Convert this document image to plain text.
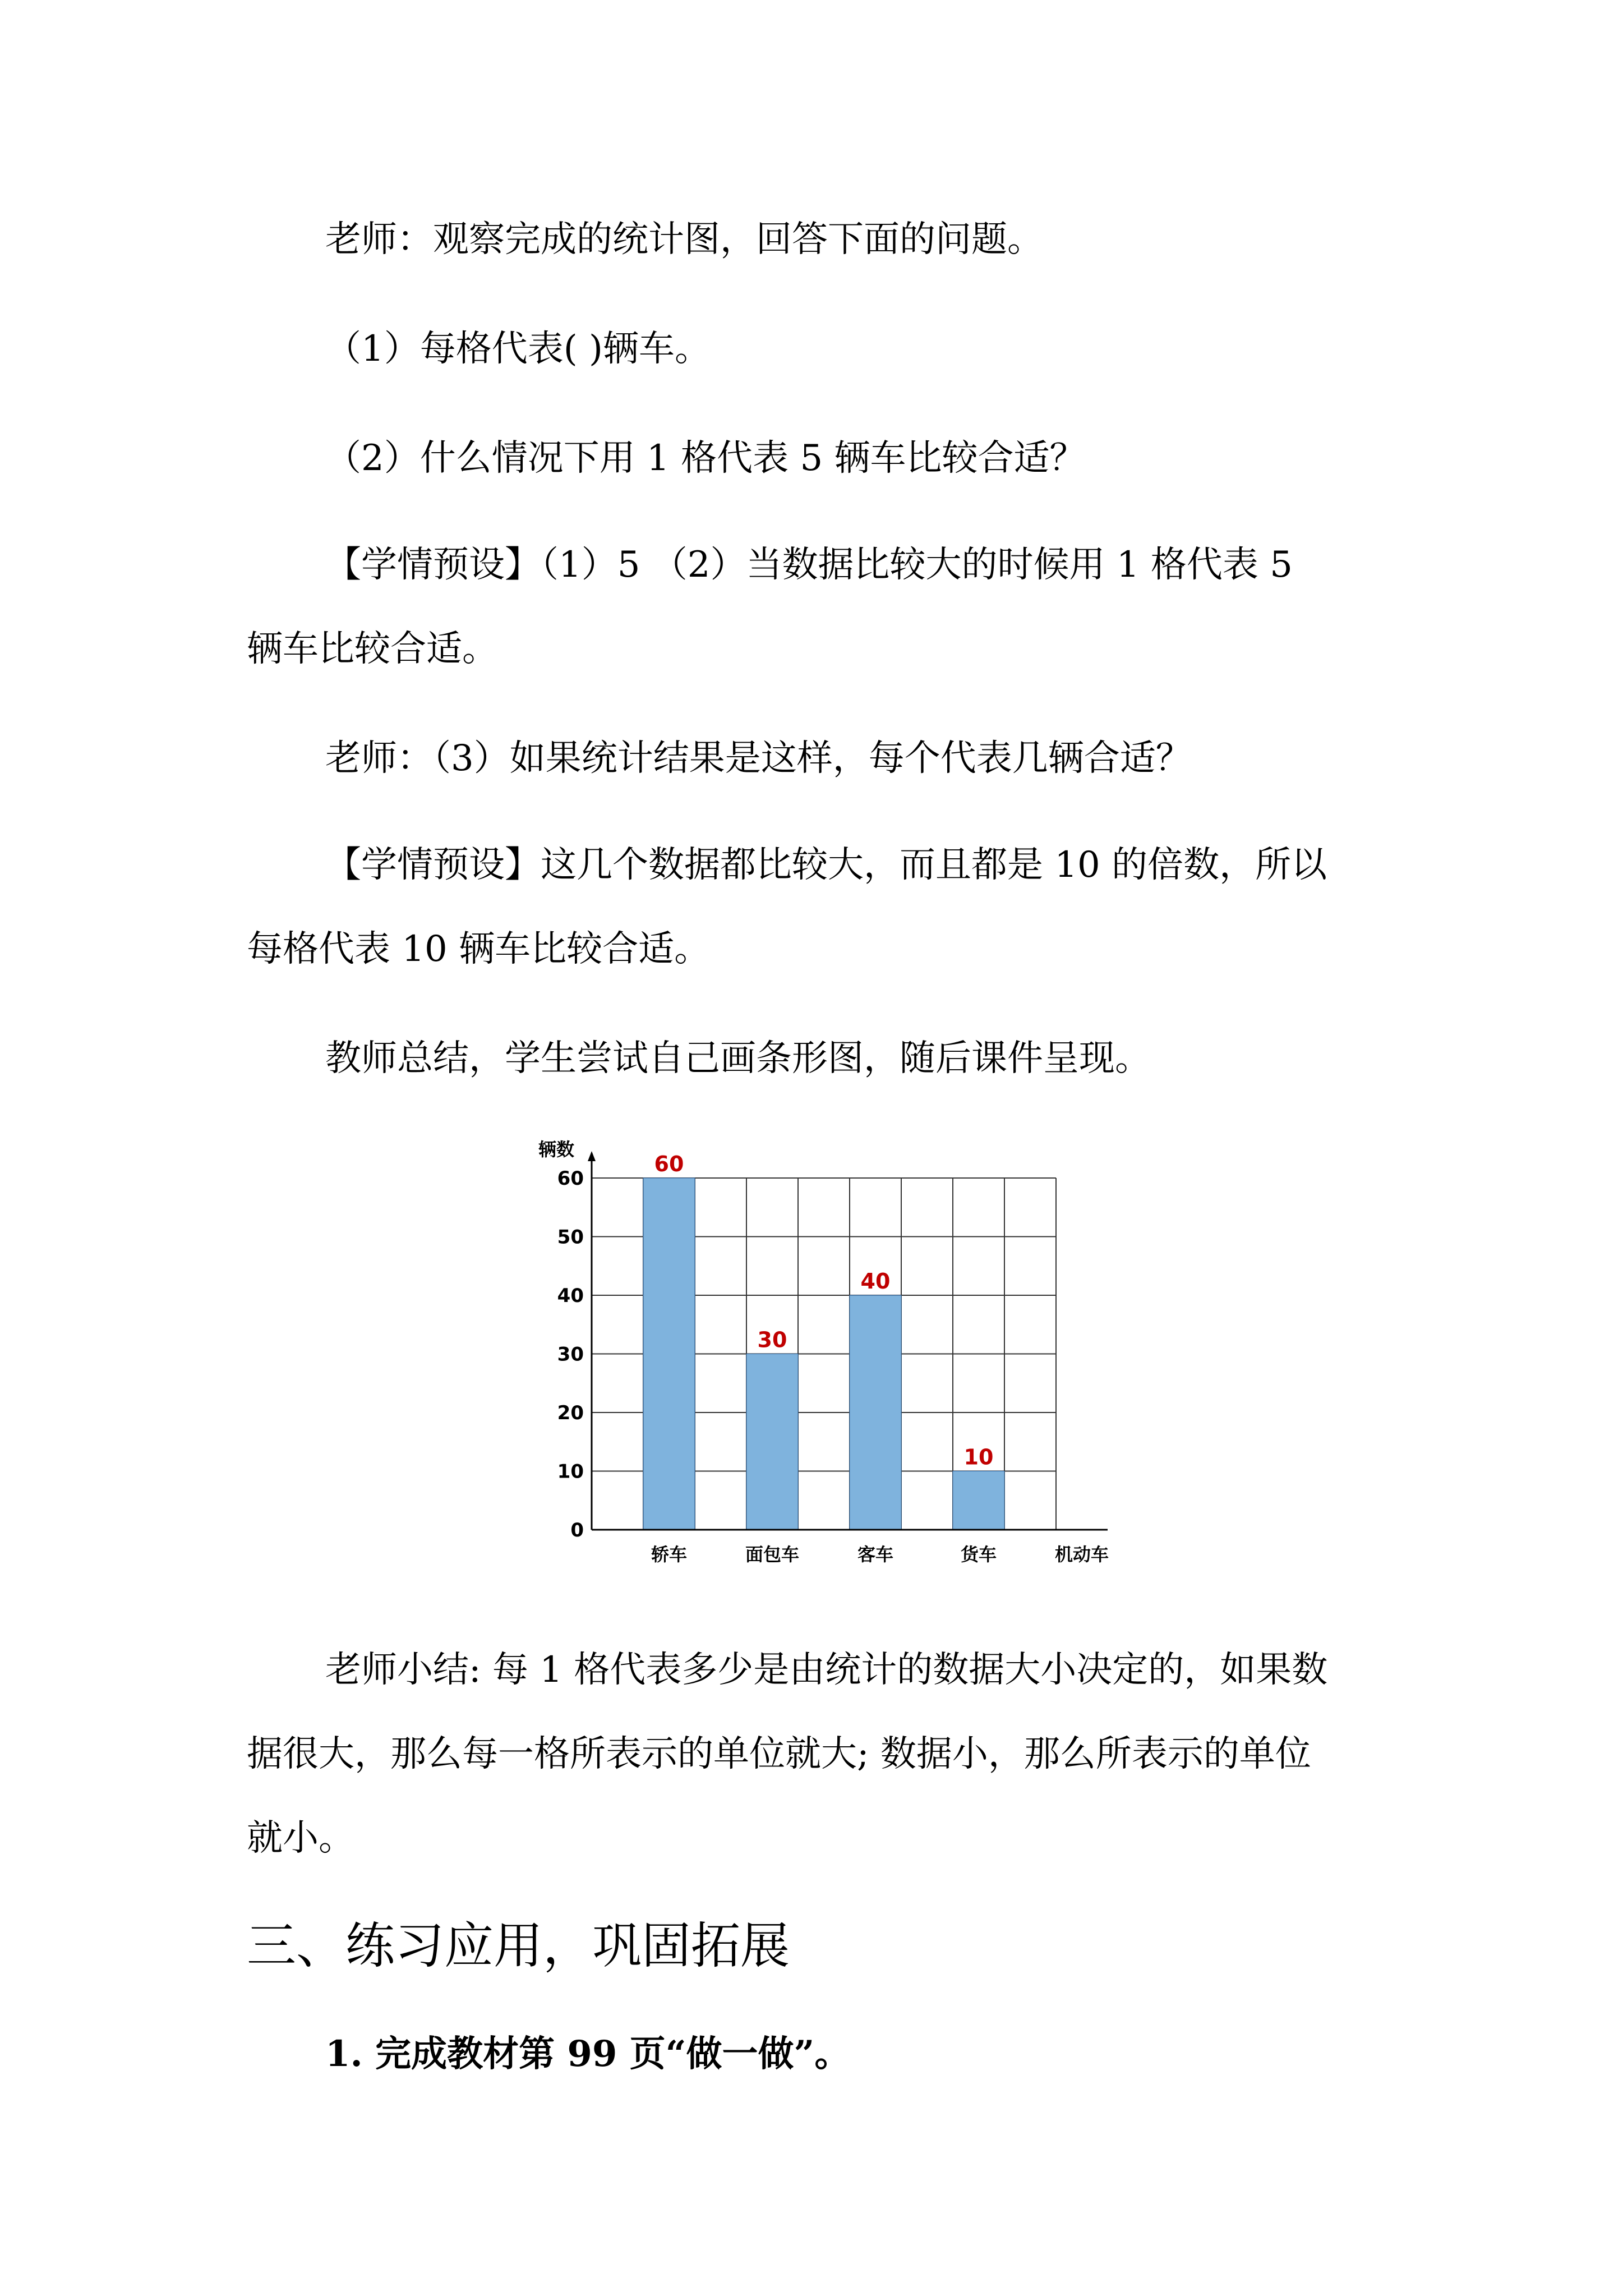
老师：观察完成的统计图，回答下面的问题。
（1）每格代表( )辆车。
（2）什么情况下用 1 格代表 5 辆车比较合适？
【学情预设】（1）5 （2）当数据比较大的时候用 1 格代表 5
辆车比较合适。
老师：（3）如果统计结果是这样，每个代表几辆合适？
【学情预设】这几个数据都比较大，而且都是 10 的倍数，所以
每格代表 10 辆车比较合适。
教师总结，学生尝试自己画条形图，随后课件呈现。
60
30
40
10
0
10
20
30
40
50
60
辆数
轿车	面包车	客车	货车	机动车
老师小结: 每 1 格代表多少是由统计的数据大小决定的，如果数
据很大，那么每一格所表示的单位就大; 数据小，那么所表示的单位
就小。
三、练习应用，巩固拓展
1. 完成教材第 99 页“做一做”。
